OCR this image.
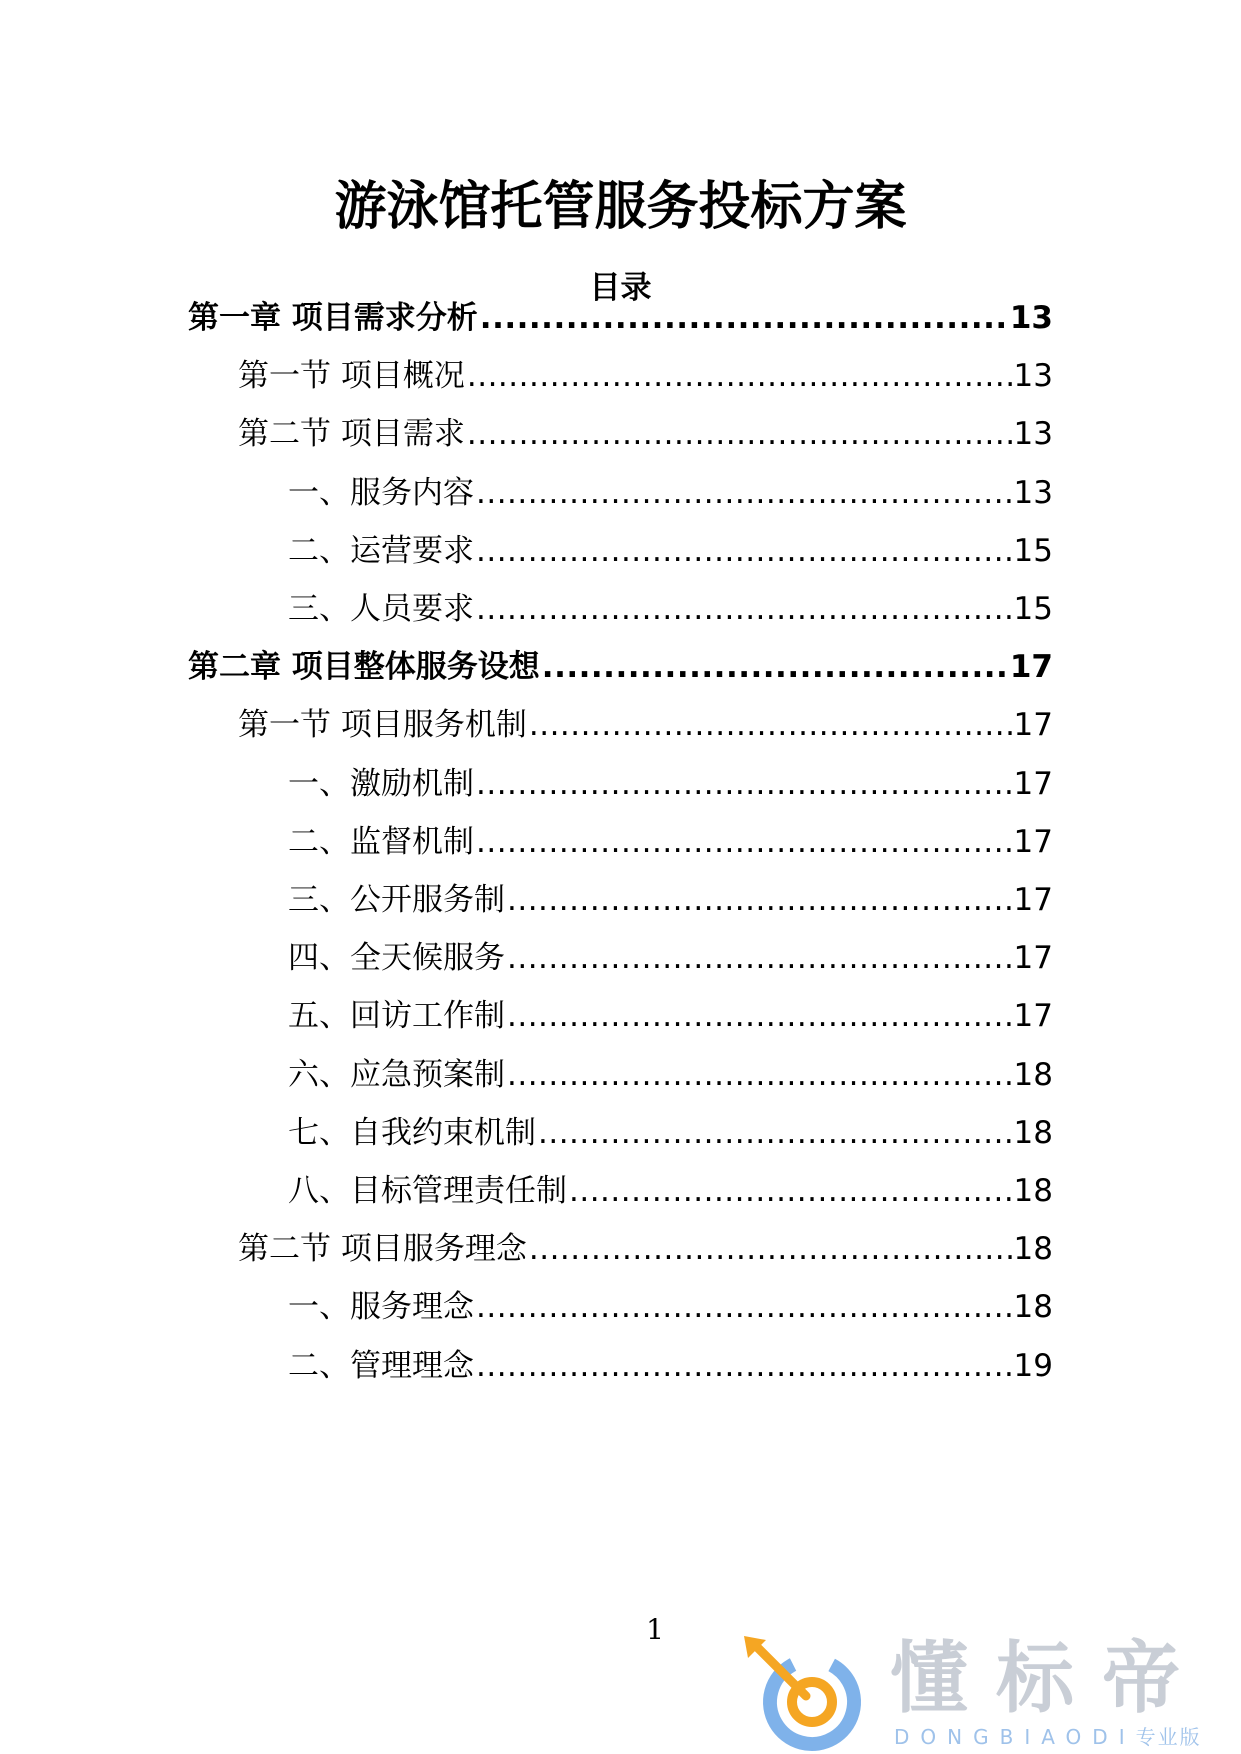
游泳馆托管服务投标方案
目录
第一章 项目需求分析 .....	13
第一节 项目概况 .....	13
第二节 项目需求 .....	13
一、服务内容 .....	13
二、运营要求 .....	15
三、人员要求 .....	15
第二章 项目整体服务设想 .....	17
第一节 项目服务机制 .....	17
一、激励机制 .....	17
二、监督机制 .....	17
三、公开服务制 .....	17
四、全天候服务 .....	17
五、回访工作制 .....	17
六、应急预案制 .....	18
七、自我约束机制 .....	18
八、目标管理责任制 .....	18
第二节 项目服务理念 .....	18
一、服务理念 .....	18
二、管理理念 .....	19
1
懂标帝
DONGBIAODI专业版
